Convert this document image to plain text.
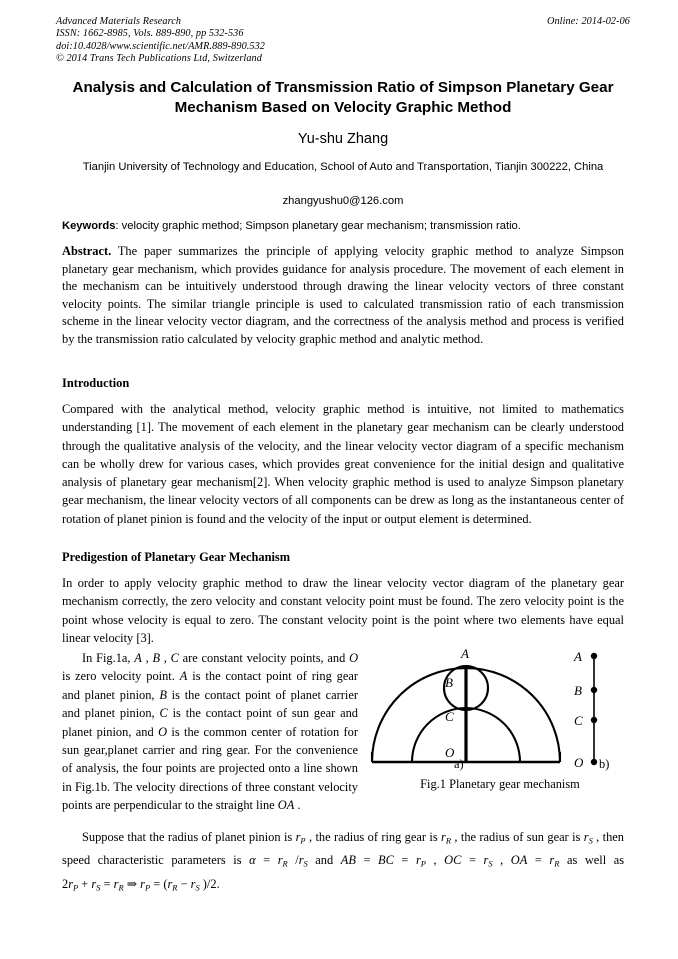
Advanced Materials Research	Online: 2014-02-06
ISSN: 1662-8985, Vols. 889-890, pp 532-536
doi:10.4028/www.scientific.net/AMR.889-890.532
© 2014 Trans Tech Publications Ltd, Switzerland
Analysis and Calculation of Transmission Ratio of Simpson Planetary Gear Mechanism Based on Velocity Graphic Method
Yu-shu Zhang
Tianjin University of Technology and Education, School of Auto and Transportation, Tianjin 300222, China
zhangyushu0@126.com
Keywords: velocity graphic method; Simpson planetary gear mechanism; transmission ratio.
Abstract. The paper summarizes the principle of applying velocity graphic method to analyze Simpson planetary gear mechanism, which provides guidance for analysis procedure. The movement of each element in the mechanism can be intuitively understood through drawing the linear velocity vectors of three constant velocity points. The similar triangle principle is used to calculated transmission ratio of each transmission scheme in the linear velocity vector diagram, and the correctness of the analysis method and process is verified by the transmission ratio calculated by velocity graphic method and analytic method.
Introduction
Compared with the analytical method, velocity graphic method is intuitive, not limited to mathematics understanding [1]. The movement of each element in the planetary gear mechanism can be clearly understood through the qualitative analysis of the velocity, and the linear velocity vector diagram of a specific mechanism can be wholly drew for various cases, which provides great convenience for the initial design and qualitative analysis of planetary gear mechanism[2]. When velocity graphic method is used to analyze Simpson planetary gear mechanism, the linear velocity vectors of all components can be drew as long as the instantaneous center of rotation of planet pinion is found and the velocity of the input or output element is determined.
Predigestion of Planetary Gear Mechanism
In order to apply velocity graphic method to draw the linear velocity vector diagram of the planetary gear mechanism correctly, the zero velocity and constant velocity point must be found. The zero velocity point is the point whose velocity is equal to zero. The constant velocity point is the point where two elements have equal linear velocity [3].
In Fig.1a, A , B , C are constant velocity points, and O is zero velocity point. A is the contact point of ring gear and planet pinion, B is the contact point of planet carrier and planet pinion, C is the contact point of sun gear and planet pinion, and O is the common center of rotation for sun gear,planet carrier and ring gear. For the convenience of analysis, the four points are projected onto a line shown in Fig.1b. The velocity directions of three constant velocity points are perpendicular to the straight line OA .
A
B
C
O
A
B
C
O
a)	b)
Fig.1 Planetary gear mechanism
Suppose that the radius of planet pinion is $r_P$ , the radius of ring gear is $r_R$ , the radius of sun gear is $r_S$ , then speed characteristic parameters is $\alpha = r_R$ $/r_S$ and AB = BC = $r_P$ , OC = $r_S$ , OA = $r_R$ as well as $2r_P + r_S = r_R$ ⇒ $r_P = (r_R - r_S$ )/2.
